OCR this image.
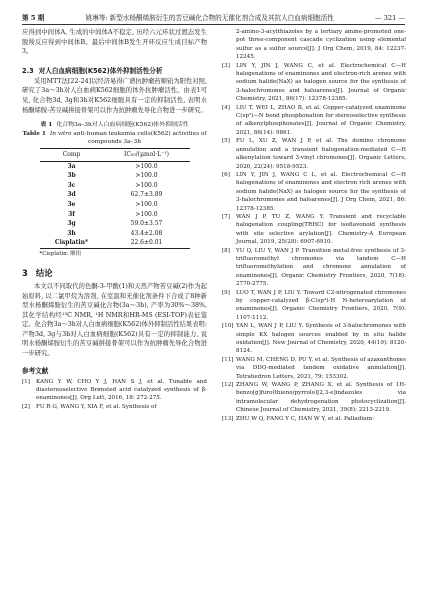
第 5 期	姚琳等: 新型水杨酮烯胺衍生的苦豆碱化合物的无催化剂合成及其抗人白血病细胞活性	— 321 —

应得到中间体A, 生成的中间体A不稳定, 历经六元环状过渡态发生脱羧反应得到中间体B。最后中间体B发生开环反应生成目标产物3。

2.3 对人白血病细胞(K562)体外抑制活性分析

采用MTT法[22-24]以经济易得广谱抗肿瘤药顺铂为阳性对照, 研究了3a～3h对人白血病K562细胞的体外抗肿瘤活性。由表1可见, 化合物3d, 3g和3h对K562细胞具有一定的抑制活性, 表明水杨酮烯胺-苦豆碱拼接骨架可以作为抗肿瘤先导化合物进一步研究。

表 1 化合物3a–3h对人白血病细胞(K562)体外抑制活性
Table 1 In vitro anti-human leukemia cells(K562) activities of compounds 3a–3h
Comp	IC₅₀/(μmol·L⁻¹)
3a	>100.0
3b	>100.0
3c	>100.0
3d	62.7±3.89
3e	>100.0
3f	>100.0
3g	59.0±3.57
3h	43.4±2.08
Cisplatin*	22.6±0.01
*Cisplatin: 顺铂
3 结论

本文以不同取代的色酮-3-甲酸(1)和天然产物苦豆碱(2)作为起始原料, 以二氯甲烷为溶剂, 在室温和无催化剂条件下合成了8种新型水杨酮烯胺衍生的苦豆碱化合物(3a～3h), 产率为30%～38%, 其化学结构经¹³C NMR, ¹H NMR和HR-MS (ESI-TOF)表征鉴定。化合物3a～3h对人白血病细胞(K562)体外抑制活性结果表明: 产物3d, 3g与3h对人白血病细胞(K562)具有一定的抑制能力, 说明水杨酮烯胺衍生的苦豆碱拼接骨架可以作为抗肿瘤先导化合物进一步研究。

参考文献
[1]	KANG Y W, CHO Y J, HAN S J, et al. Tunable and diastereoselective Brønsted acid catalyzed synthesis of β-enaminones[J]. Org Lett, 2016, 18: 272-275.
[2]	FU R G, WANG Y, XIA F, et al. Synthesis of
2-amino-3-acylthiazoles by a tertiary amine-promoted one-pot three-component cascade cyclization using elemental sulfur as a sulfur source[J]. J Org Chem, 2019, 84: 12237-12245.
[3]	LIN Y, JIN J, WANG C, et al. Electrochemical C—H halogenations of enaminones and electron-rich arenes with sodium halide(NaX) as halogen source for the synthesis of 3-halochromones and haloarenes[J]. Journal of Organic Chemistry, 2021, 86(17): 12378-12385.
[4]	LIU T, WEI L, ZHAO B, et al. Copper-catalyzed enaminone C(sp²)—N bond phosphonation for stereoselective synthesis of alkenylphosphonates[J]. Journal of Organic Chemistry, 2021, 86(14): 9861.
[5]	FU L, XU Z, WAN J P, et al. The domino chromone annulation and a transient halogenation-mediated C—H alkenylation toward 3-vinyl chromones[J]. Organic Letters, 2020, 22(24): 9518-9523.
[6]	LIN Y, JIN J, WANG C L, et al. Electrochemical C—H halogenations of enaminones and electron rich arenes with sodium halide(NaX) as halogen source for the synthesis of 3-halochromones and haloarenes[J]. J Org Chem, 2021, 86: 12378-12385.
[7]	WAN J P, TU Z, WANG Y. Transient and recyclable halogenation coupling(TRHC) for isoflavonoid synthesis with site selective arylation[J]. Chemistry-A European Journal, 2019, 25(28): 6907-6910.
[8]	YU Q, LIU Y, WAN J P. Transition metal-free synthesis of 3-trifluoromethyl chromones via tandem C—H trifluoromethylation and chromone annulation of enaminones[J]. Organic Chemistry Frontiers, 2020, 7(18): 2770-2775.
[9]	LUO T, WAN J P, LIU Y. Toward C2-nitrogenated chromones by copper-catalyzed β-C(sp³)-H N-heteroarylation of enaminones[J]. Organic Chemistry Frontiers, 2020, 7(9): 1107-1112.
[10] YAN L, WAN J P, LIU Y. Synthesis of 3-halochromones with simple KX halogen sources enabled by in situ halide oxidation[J]. New Journal of Chemistry, 2020, 44(19): 8120-8124.
[11] WANG M, CHENG D, PU Y, et al. Synthesis of azaxanthones via DDQ-mediated tandem oxidative annulation[J]. Tetrahedron Letters, 2021, 79: 153302.
[12] ZHANG W, WANG P, ZHANG X, et al. Synthesis of 1H-benzo[g]furo(thieno/pyrrolo)[2,3-e]indazoles via intramolecular dehydrogenation photocyclization[J]. Chinese Journal of Chemistry, 2021, 39(8): 2213-2219.
[13] ZHU W Q, FANG Y C, HAN W Y, et al. Palladium-
